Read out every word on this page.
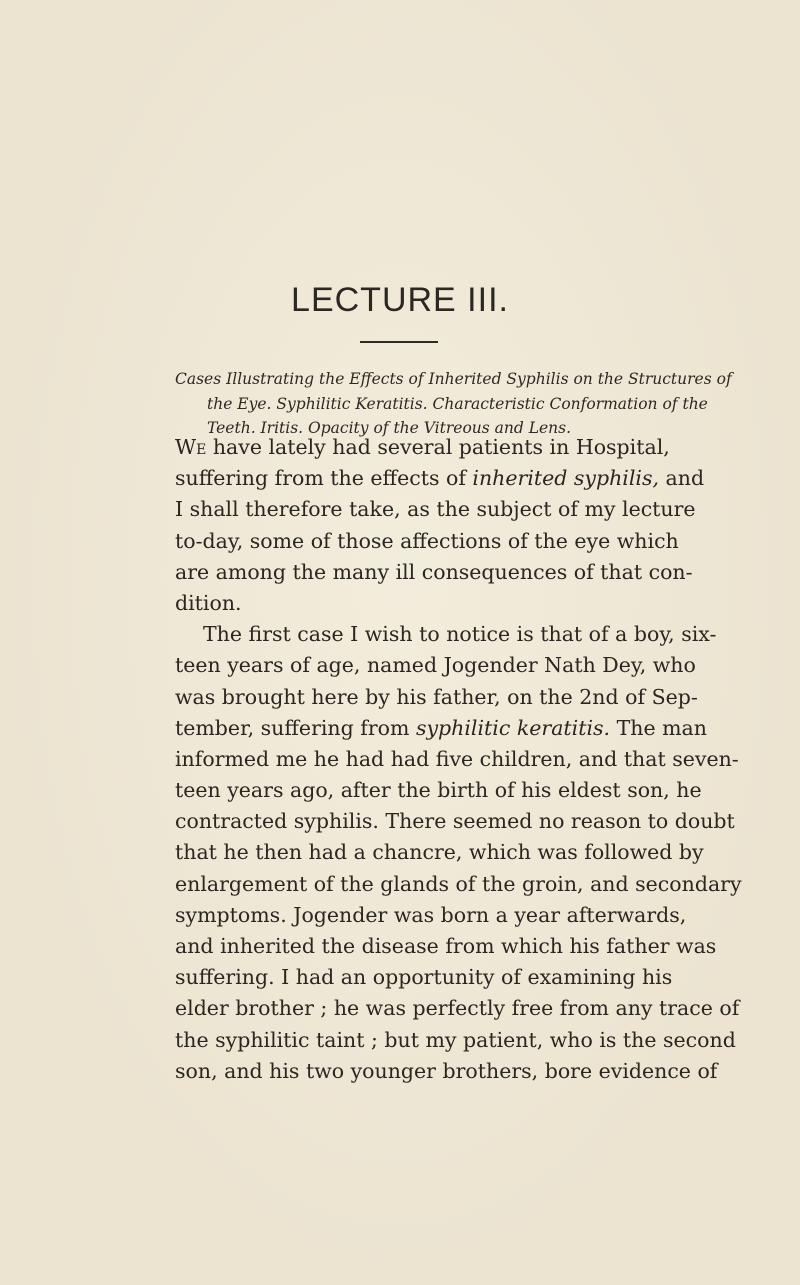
LECTURE III.

Cases Illustrating the Effects of Inherited Syphilis on the Structures of
the Eye. Syphilitic Keratitis. Characteristic Conformation of the
Teeth. Iritis. Opacity of the Vitreous and Lens.

We have lately had several patients in Hospital,
suffering from the effects of inherited syphilis, and
I shall therefore take, as the subject of my lecture
to-day, some of those affections of the eye which
are among the many ill consequences of that con-
dition.
The first case I wish to notice is that of a boy, six-
teen years of age, named Jogender Nath Dey, who
was brought here by his father, on the 2nd of Sep-
tember, suffering from syphilitic keratitis. The man
informed me he had had five children, and that seven-
teen years ago, after the birth of his eldest son, he
contracted syphilis. There seemed no reason to doubt
that he then had a chancre, which was followed by
enlargement of the glands of the groin, and secondary
symptoms. Jogender was born a year afterwards,
and inherited the disease from which his father was
suffering. I had an opportunity of examining his
elder brother ; he was perfectly free from any trace of
the syphilitic taint ; but my patient, who is the second
son, and his two younger brothers, bore evidence of
